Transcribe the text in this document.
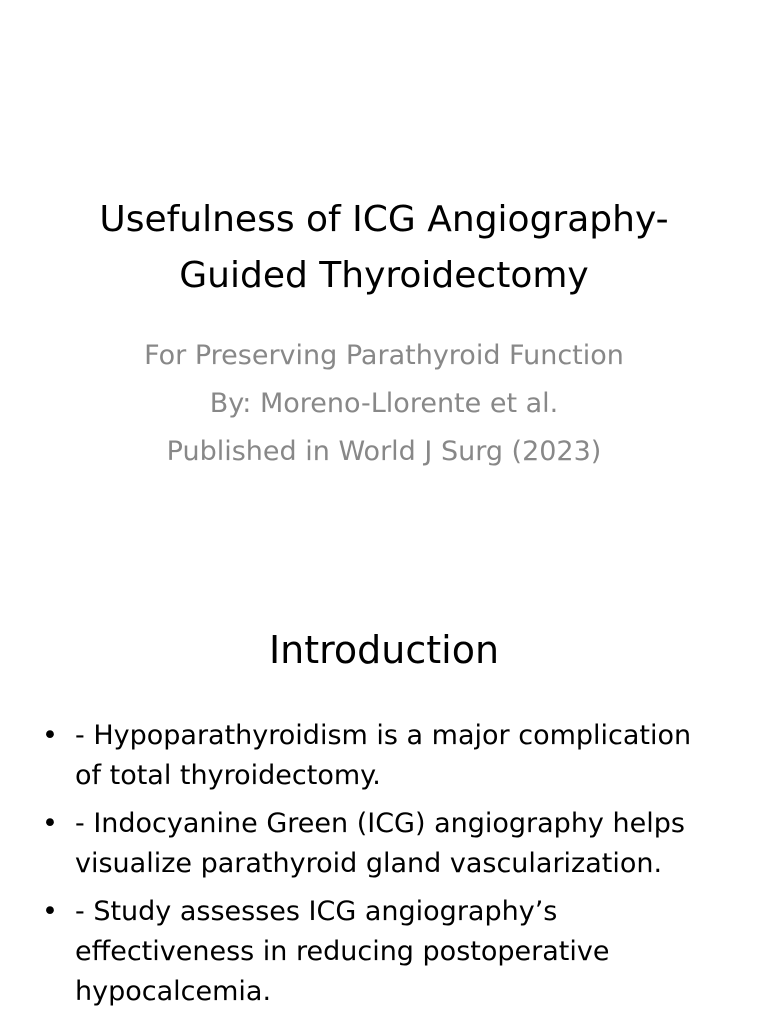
Usefulness of ICG Angiography-
Guided Thyroidectomy
For Preserving Parathyroid Function
By: Moreno-Llorente et al.
Published in World J Surg (2023)
Introduction
• - Hypoparathyroidism is a major complication of total thyroidectomy.
• - Indocyanine Green (ICG) angiography helps visualize parathyroid gland vascularization.
• - Study assesses ICG angiography’s effectiveness in reducing postoperative hypocalcemia.
